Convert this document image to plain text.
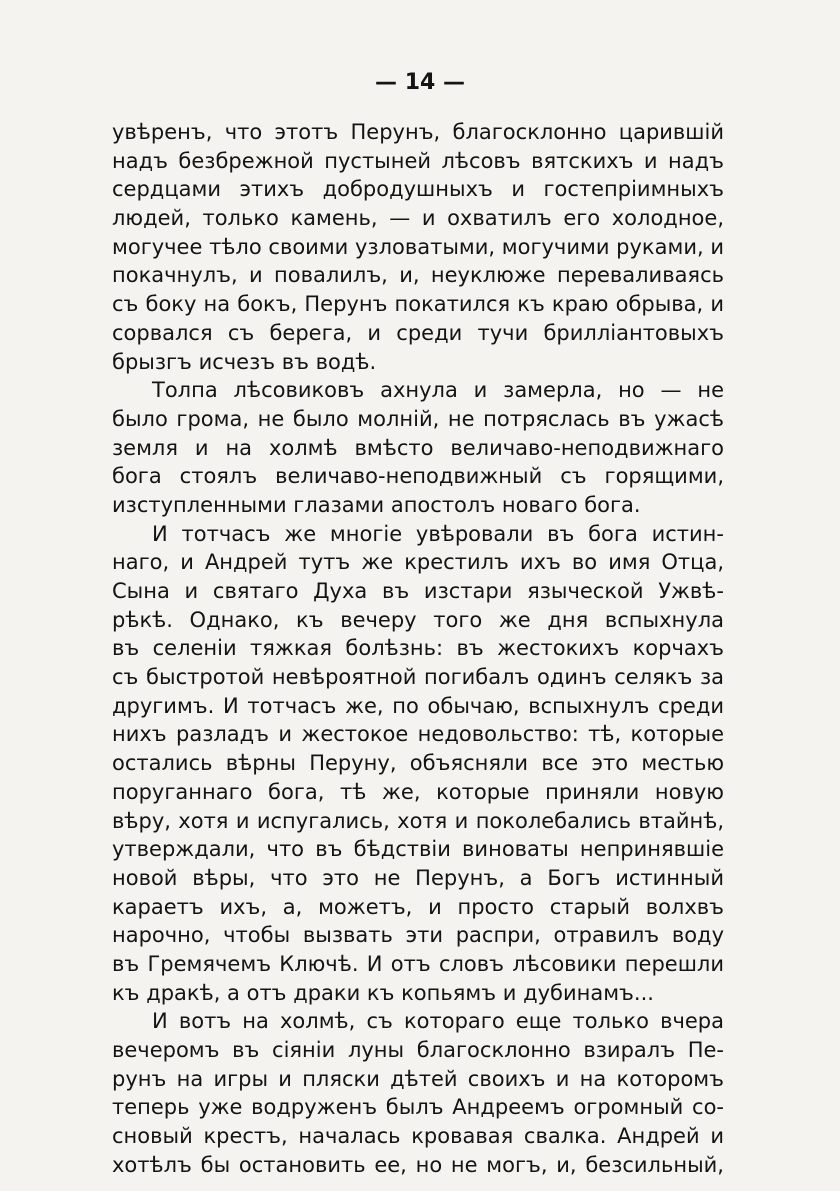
— 14 —
увѣренъ, что этотъ Перунъ, благосклонно царившій
надъ безбрежной пустыней лѣсовъ вятскихъ и надъ
сердцами этихъ добродушныхъ и гостепріимныхъ
людей, только камень, — и охватилъ его холодное,
могучее тѣло своими узловатыми, могучими руками, и
покачнулъ, и повалилъ, и, неуклюже переваливаясь
съ боку на бокъ, Перунъ покатился къ краю обрыва, и
сорвался съ берега, и среди тучи бриллiантовыхъ
брызгъ исчезъ въ водѣ.
Толпа лѣсовиковъ ахнула и замерла, но — не
было грома, не было молній, не потряслась въ ужасѣ
земля и на холмѣ вмѣсто величаво-неподвижнаго
бога стоялъ величаво-неподвижный съ горящими,
изступленными глазами апостолъ новаго бога.
И тотчасъ же многіе увѣровали въ бога истин-
наго, и Андрей тутъ же крестилъ ихъ во имя Отца,
Сына и святаго Духа въ изстари языческой Ужвѣ-
рѣкѣ. Однако, къ вечеру того же дня вспыхнула
въ селеніи тяжкая болѣзнь: въ жестокихъ корчахъ
съ быстротой невѣроятной погибалъ одинъ селякъ за
другимъ. И тотчасъ же, по обычаю, вспыхнулъ среди
нихъ разладъ и жестокое недовольство: тѣ, которые
остались вѣрны Перуну, объясняли все это местью
поруганнаго бога, тѣ же, которые приняли новую
вѣру, хотя и испугались, хотя и поколебались втайнѣ,
утверждали, что въ бѣдствіи виноваты непринявшіе
новой вѣры, что это не Перунъ, а Богъ истинный
караетъ ихъ, а, можетъ, и просто старый волхвъ
нарочно, чтобы вызвать эти распри, отравилъ воду
въ Гремячемъ Ключѣ. И отъ словъ лѣсовики перешли
къ дракѣ, а отъ драки къ копьямъ и дубинамъ...
И вотъ на холмѣ, съ котораго еще только вчера
вечеромъ въ сіяніи луны благосклонно взиралъ Пе-
рунъ на игры и пляски дѣтей своихъ и на которомъ
теперь уже водруженъ былъ Андреемъ огромный со-
сновый крестъ, началась кровавая свалка. Андрей и
хотѣлъ бы остановить ее, но не могъ, и, безсильный,
